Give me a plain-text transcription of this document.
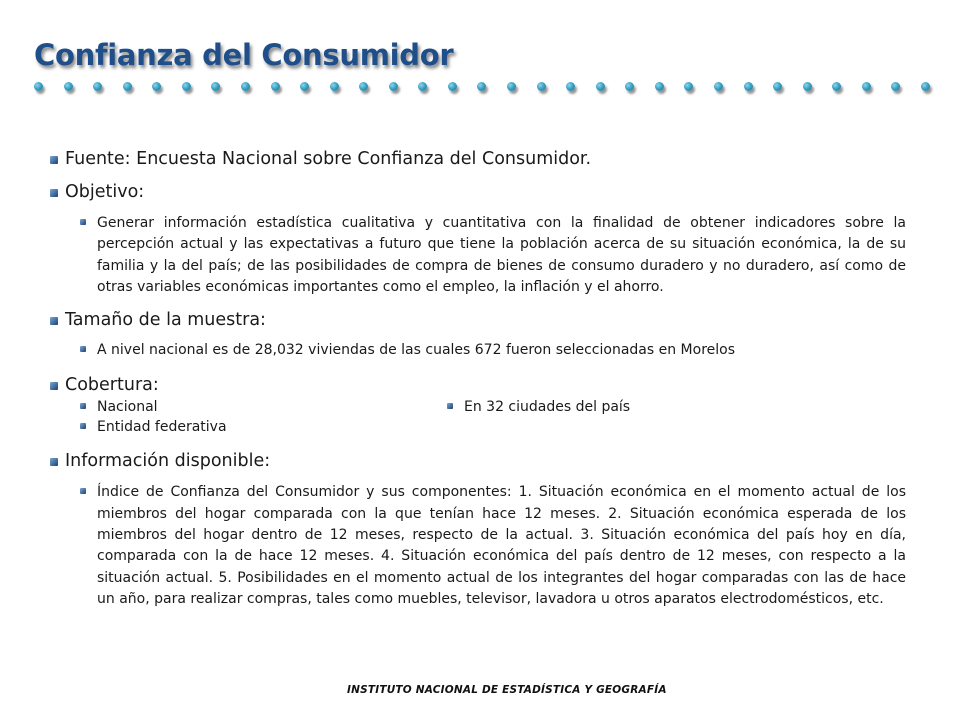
Confianza del Consumidor
Fuente: Encuesta Nacional sobre Confianza del Consumidor.
Objetivo:
Generar información estadística cualitativa y cuantitativa con la finalidad de obtener indicadores sobre la percepción actual y las expectativas a futuro que tiene la población acerca de su situación económica, la de su familia y la del país; de las posibilidades de compra de bienes de consumo duradero y no duradero, así como de otras variables económicas importantes como el empleo, la inflación y el ahorro.
Tamaño de la muestra:
A nivel nacional es de 28,032 viviendas de las cuales 672 fueron seleccionadas en Morelos
Cobertura:
Nacional
Entidad federativa
En 32 ciudades del país
Información disponible:
Índice de Confianza del Consumidor y sus componentes: 1. Situación económica en el momento actual de los miembros del hogar comparada con la que tenían hace 12 meses. 2. Situación económica esperada de los miembros del hogar dentro de 12 meses, respecto de la actual. 3. Situación económica del país hoy en día, comparada con la de hace 12 meses. 4. Situación económica del país dentro de 12 meses, con respecto a la situación actual. 5. Posibilidades en el momento actual de los integrantes del hogar comparadas con las de hace un año, para realizar compras, tales como muebles, televisor, lavadora u otros aparatos electrodomésticos, etc.
INSTITUTO NACIONAL DE ESTADÍSTICA Y GEOGRAFÍA
